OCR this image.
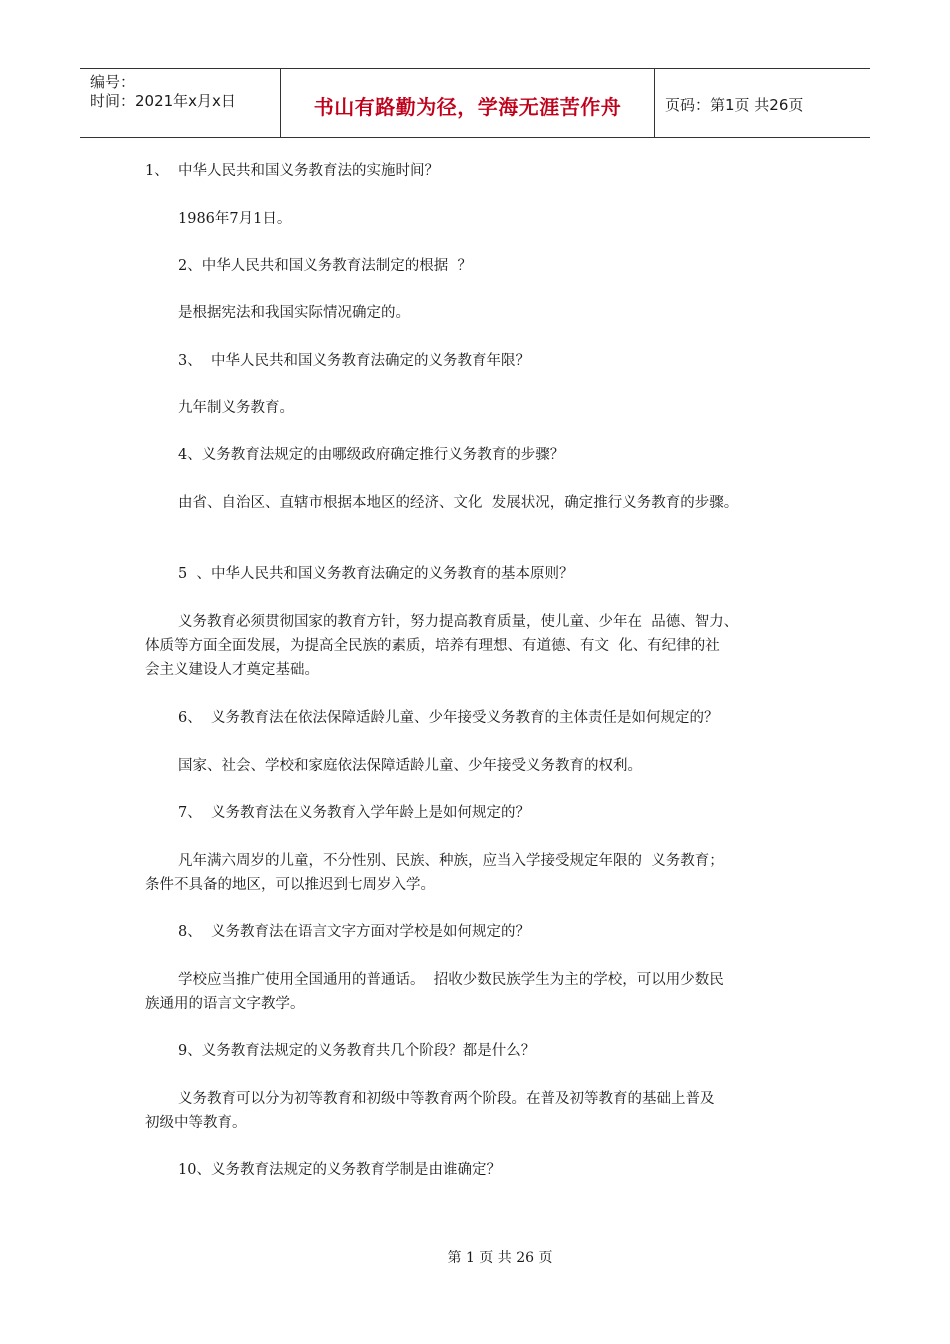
编号：
时间：2021年x月x日	书山有路勤为径，学海无涯苦作舟	页码：第1页 共26页
1、  中华人民共和国义务教育法的实施时间？
1986年7月1日。
2、中华人民共和国义务教育法制定的根据  ？
是根据宪法和我国实际情况确定的。
3、  中华人民共和国义务教育法确定的义务教育年限？
九年制义务教育。
4、义务教育法规定的由哪级政府确定推行义务教育的步骤？
由省、自治区、直辖市根据本地区的经济、文化  发展状况，确定推行义务教育的步骤。
5  、中华人民共和国义务教育法确定的义务教育的基本原则？
义务教育必须贯彻国家的教育方针，努力提高教育质量，使儿童、少年在  品德、智力、
体质等方面全面发展，为提高全民族的素质，培养有理想、有道德、有文  化、有纪律的社
会主义建设人才奠定基础。
6、  义务教育法在依法保障适龄儿童、少年接受义务教育的主体责任是如何规定的？
国家、社会、学校和家庭依法保障适龄儿童、少年接受义务教育的权利。
7、  义务教育法在义务教育入学年龄上是如何规定的？
凡年满六周岁的儿童，不分性别、民族、种族，应当入学接受规定年限的  义务教育；
条件不具备的地区，可以推迟到七周岁入学。
8、  义务教育法在语言文字方面对学校是如何规定的？
学校应当推广使用全国通用的普通话。  招收少数民族学生为主的学校，可以用少数民
族通用的语言文字教学。
9、义务教育法规定的义务教育共几个阶段？都是什么？
义务教育可以分为初等教育和初级中等教育两个阶段。在普及初等教育的基础上普及
初级中等教育。
10、义务教育法规定的义务教育学制是由谁确定？
第 1 页 共 26 页
